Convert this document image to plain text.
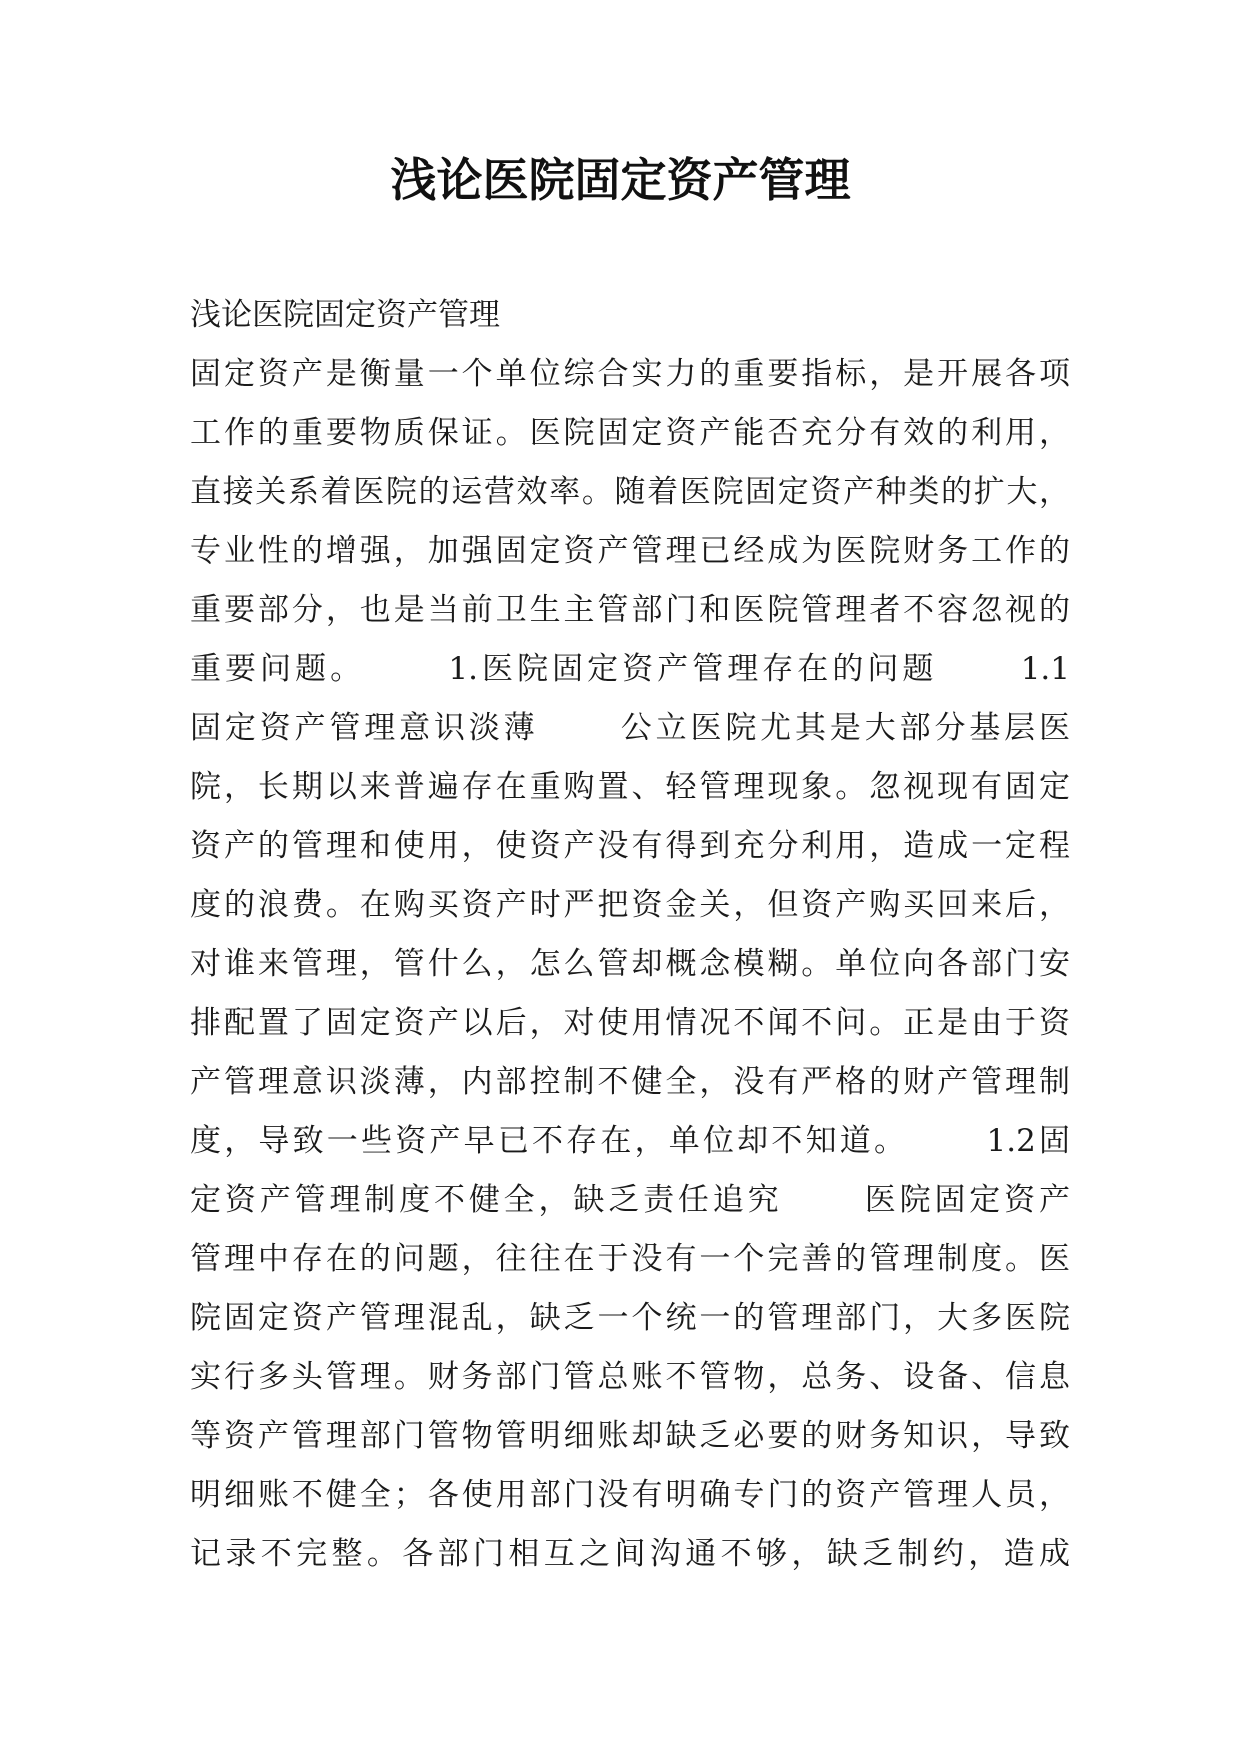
浅论医院固定资产管理
浅论医院固定资产管理
固定资产是衡量一个单位综合实力的重要指标，是开展各项
工作的重要物质保证。医院固定资产能否充分有效的利用，
直接关系着医院的运营效率。随着医院固定资产种类的扩大，
专业性的增强，加强固定资产管理已经成为医院财务工作的
重要部分，也是当前卫生主管部门和医院管理者不容忽视的
重要问题。      1.医院固定资产管理存在的问题      1.1
固定资产管理意识淡薄      公立医院尤其是大部分基层医
院，长期以来普遍存在重购置、轻管理现象。忽视现有固定
资产的管理和使用，使资产没有得到充分利用，造成一定程
度的浪费。在购买资产时严把资金关，但资产购买回来后，
对谁来管理，管什么，怎么管却概念模糊。单位向各部门安
排配置了固定资产以后，对使用情况不闻不问。正是由于资
产管理意识淡薄，内部控制不健全，没有严格的财产管理制
度，导致一些资产早已不存在，单位却不知道。      1.2固
定资产管理制度不健全，缺乏责任追究      医院固定资产
管理中存在的问题，往往在于没有一个完善的管理制度。医
院固定资产管理混乱，缺乏一个统一的管理部门，大多医院
实行多头管理。财务部门管总账不管物，总务、设备、信息
等资产管理部门管物管明细账却缺乏必要的财务知识，导致
明细账不健全；各使用部门没有明确专门的资产管理人员，
记录不完整。各部门相互之间沟通不够，缺乏制约，造成
